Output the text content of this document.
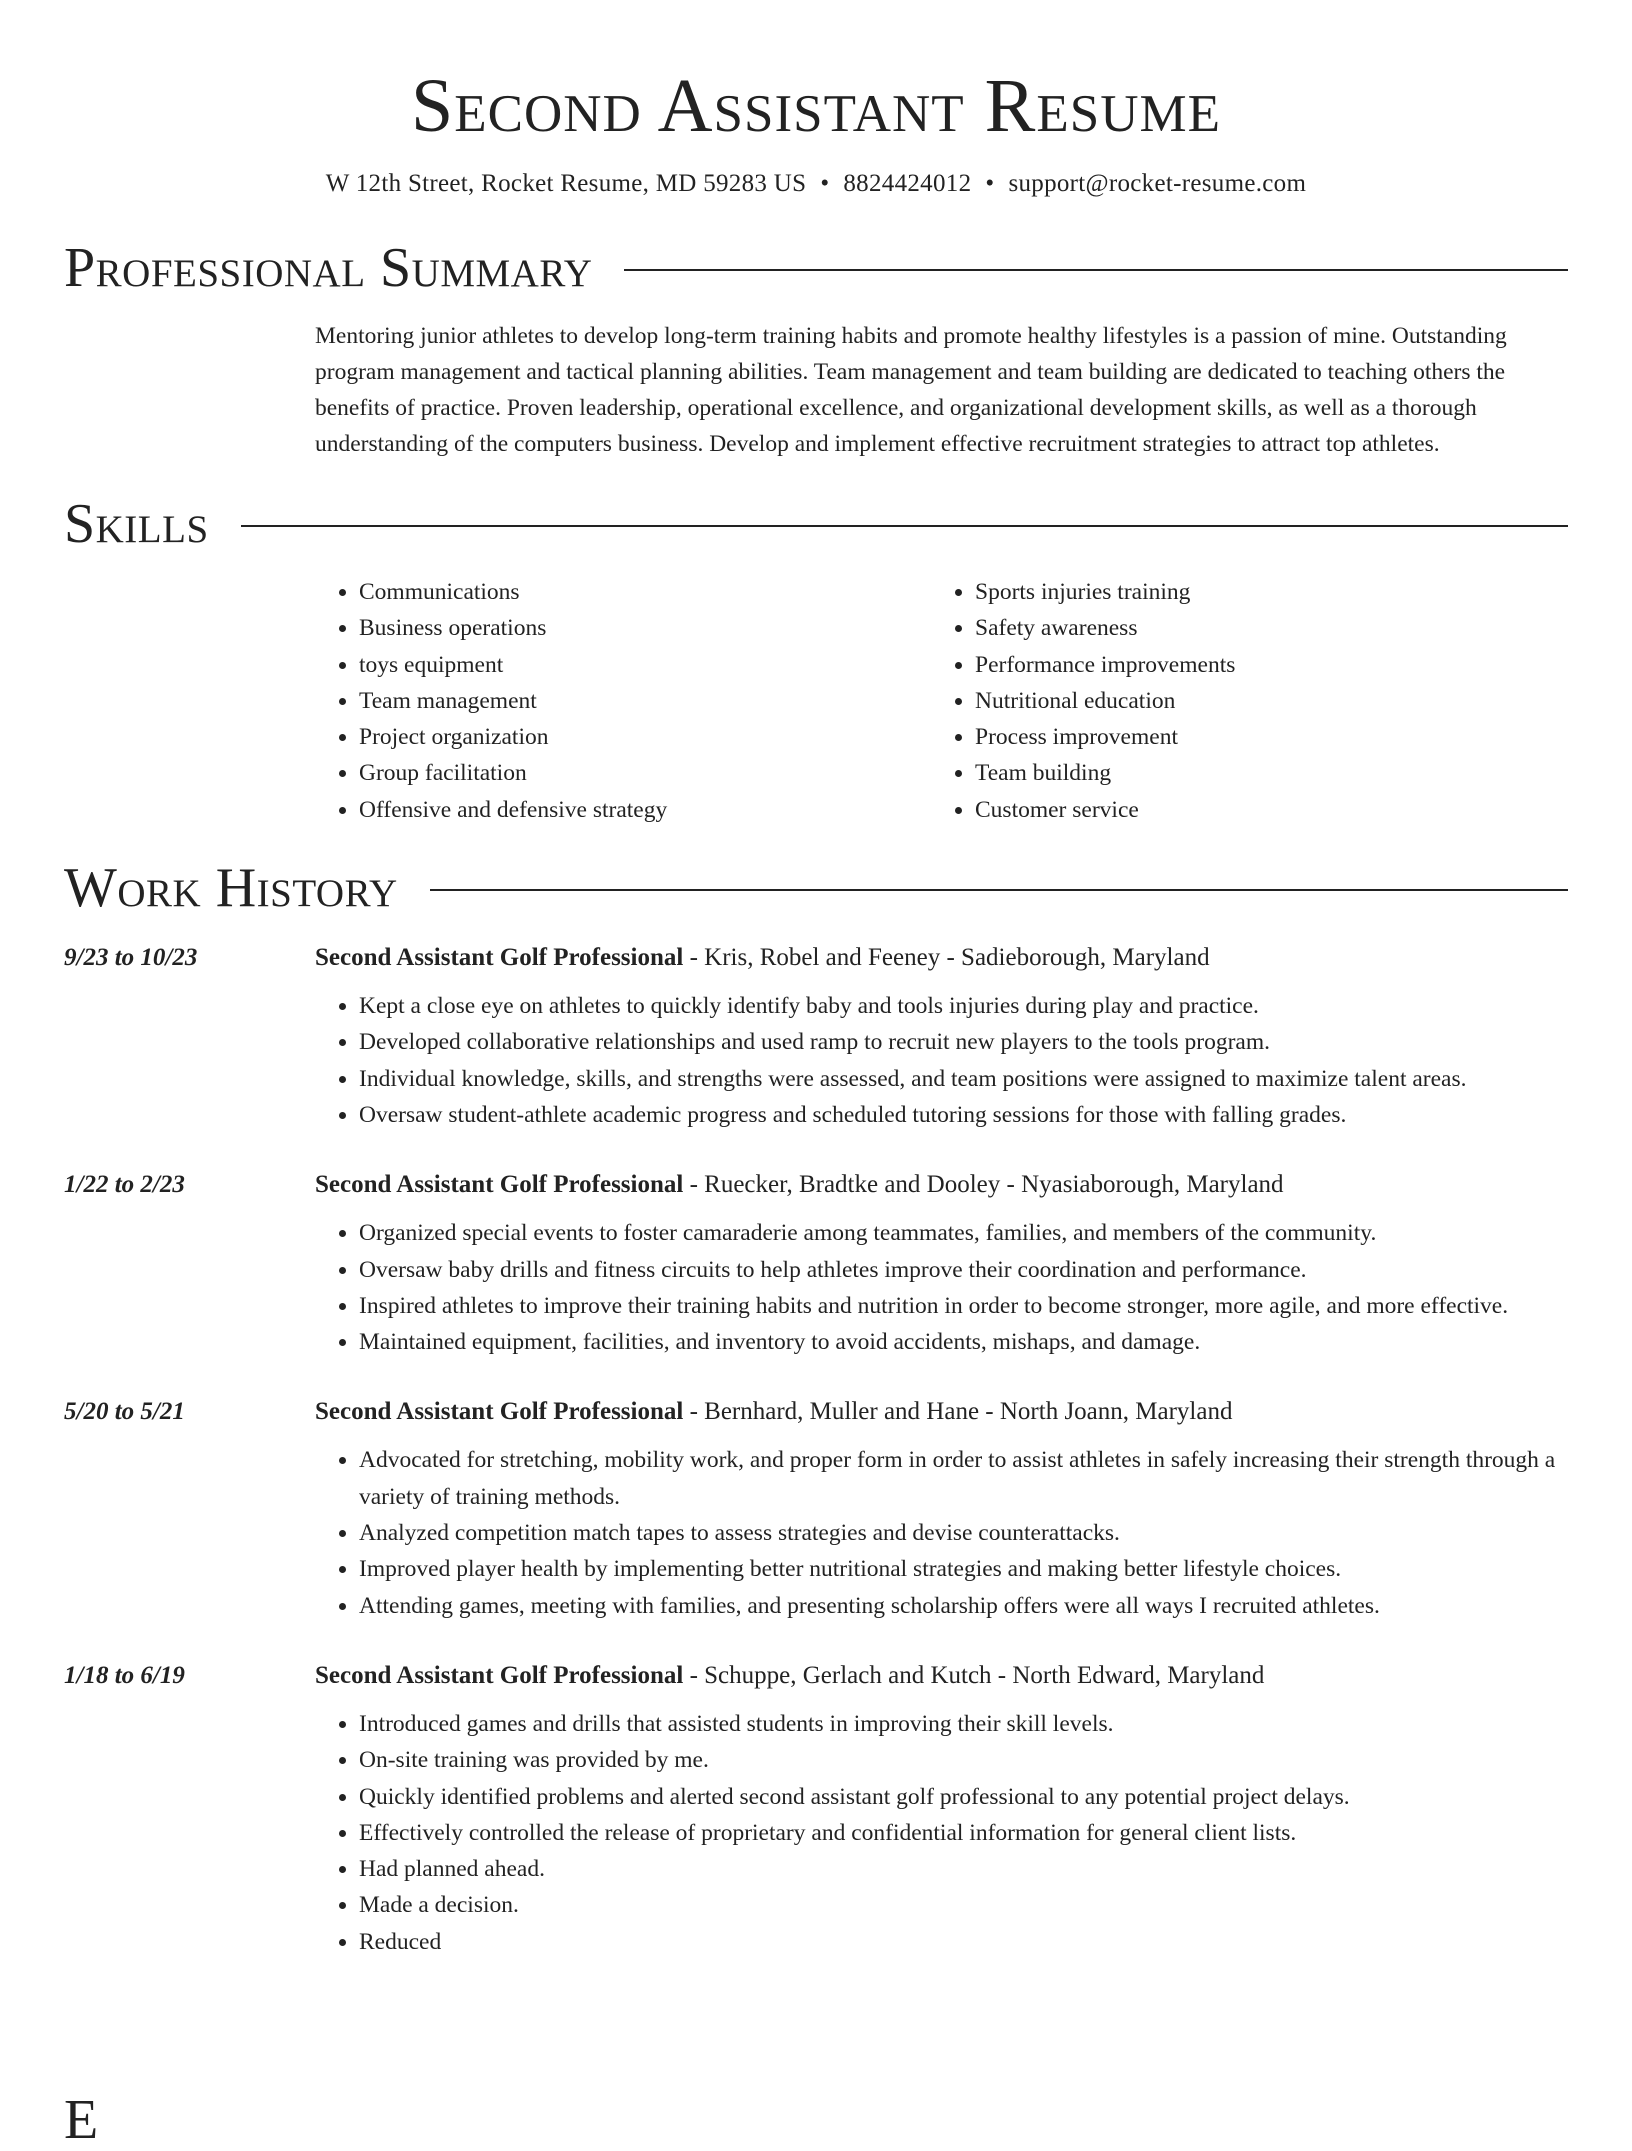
Second Assistant Resume
W 12th Street, Rocket Resume, MD 59283 US • 8824424012 • support@rocket-resume.com
Professional Summary
Mentoring junior athletes to develop long-term training habits and promote healthy lifestyles is a passion of mine. Outstanding program management and tactical planning abilities. Team management and team building are dedicated to teaching others the benefits of practice. Proven leadership, operational excellence, and organizational development skills, as well as a thorough understanding of the computers business. Develop and implement effective recruitment strategies to attract top athletes.
Skills
• Communications
• Business operations
• toys equipment
• Team management
• Project organization
• Group facilitation
• Offensive and defensive strategy
• Sports injuries training
• Safety awareness
• Performance improvements
• Nutritional education
• Process improvement
• Team building
• Customer service
Work History
9/23 to 10/23	Second Assistant Golf Professional - Kris, Robel and Feeney - Sadieborough, Maryland
• Kept a close eye on athletes to quickly identify baby and tools injuries during play and practice.
• Developed collaborative relationships and used ramp to recruit new players to the tools program.
• Individual knowledge, skills, and strengths were assessed, and team positions were assigned to maximize talent areas.
• Oversaw student-athlete academic progress and scheduled tutoring sessions for those with falling grades.
1/22 to 2/23	Second Assistant Golf Professional - Ruecker, Bradtke and Dooley - Nyasiaborough, Maryland
• Organized special events to foster camaraderie among teammates, families, and members of the community.
• Oversaw baby drills and fitness circuits to help athletes improve their coordination and performance.
• Inspired athletes to improve their training habits and nutrition in order to become stronger, more agile, and more effective.
• Maintained equipment, facilities, and inventory to avoid accidents, mishaps, and damage.
5/20 to 5/21	Second Assistant Golf Professional - Bernhard, Muller and Hane - North Joann, Maryland
• Advocated for stretching, mobility work, and proper form in order to assist athletes in safely increasing their strength through a variety of training methods.
• Analyzed competition match tapes to assess strategies and devise counterattacks.
• Improved player health by implementing better nutritional strategies and making better lifestyle choices.
• Attending games, meeting with families, and presenting scholarship offers were all ways I recruited athletes.
1/18 to 6/19	Second Assistant Golf Professional - Schuppe, Gerlach and Kutch - North Edward, Maryland
• Introduced games and drills that assisted students in improving their skill levels.
• On-site training was provided by me.
• Quickly identified problems and alerted second assistant golf professional to any potential project delays.
• Effectively controlled the release of proprietary and confidential information for general client lists.
• Had planned ahead.
• Made a decision.
• Reduced
E
